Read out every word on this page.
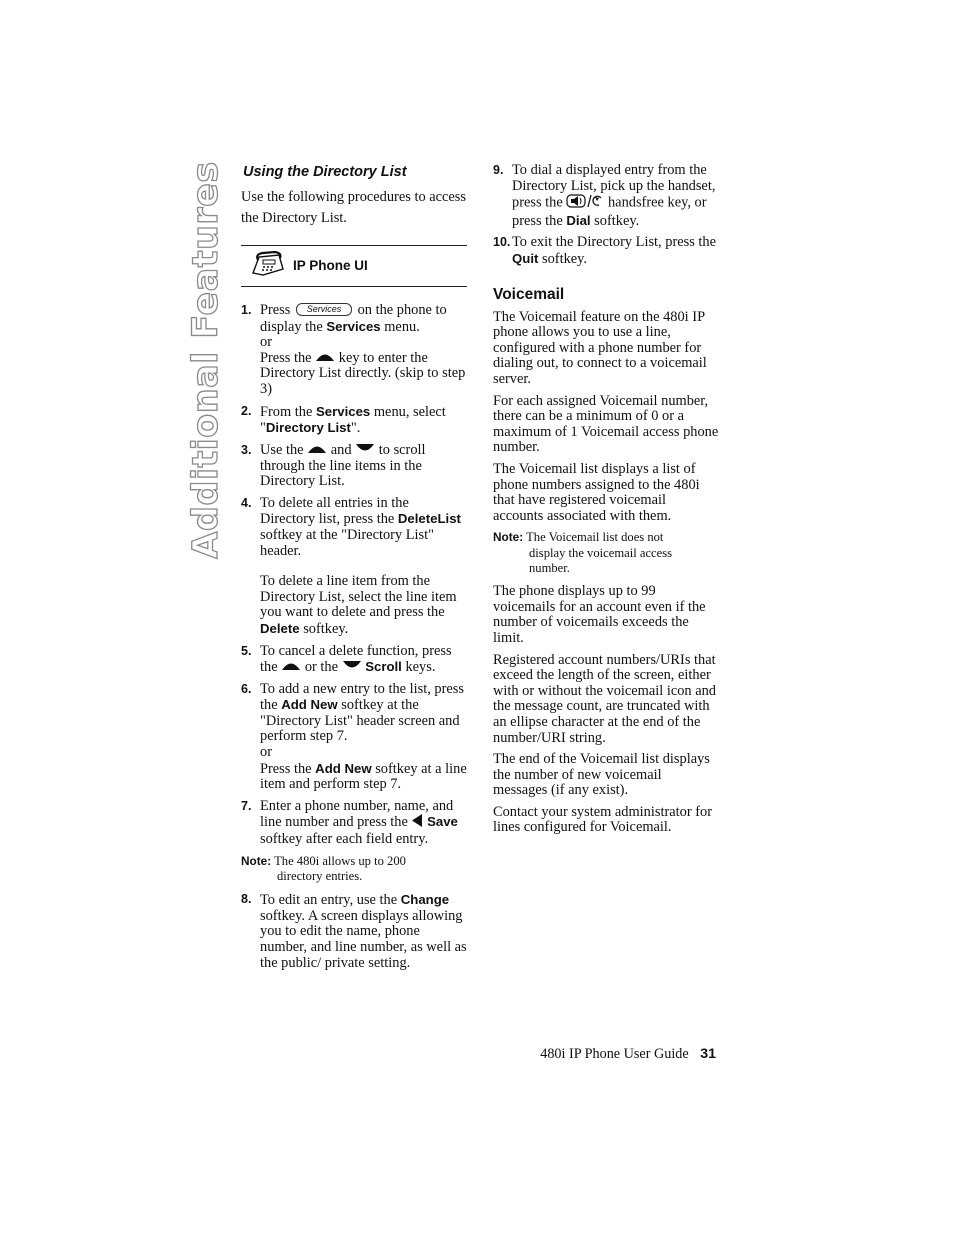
Additional Features Using the Directory List

Use the following procedures to access the Directory List.

IP Phone UI
1. Press Services on the phone to display the Services menu.
or
Press the key to enter the Directory List directly. (skip to step 3)
2. From the Services menu, select "Directory List".
3. Use the and to scroll through the line items in the Directory List.
4. To delete all entries in the Directory list, press the DeleteList softkey at the "Directory List" header.
To delete a line item from the Directory List, select the line item you want to delete and press the Delete softkey.
5. To cancel a delete function, press the or the Scroll keys.
6. To add a new entry to the list, press the Add New softkey at the "Directory List" header screen and perform step 7.
or
Press the Add New softkey at a line item and perform step 7.
7. Enter a phone number, name, and line number and press the Save softkey after each field entry.
Note: The 480i allows up to 200
directory entries.
8. To edit an entry, use the Change softkey. A screen displays allowing you to edit the name, phone number, and line number, as well as the public/ private setting.
9. To dial a displayed entry from the Directory List, pick up the handset, press the	handsfree key, or press the Dial softkey.
10. To exit the Directory List, press the Quit softkey.
Voicemail

The Voicemail feature on the 480i IP phone allows you to use a line, configured with a phone number for dialing out, to connect to a voicemail server.

For each assigned Voicemail number, there can be a minimum of 0 or a maximum of 1 Voicemail access phone number.

The Voicemail list displays a list of phone numbers assigned to the 480i that have registered voicemail accounts associated with them.

Note: The Voicemail list does not
display the voicemail access
number.

The phone displays up to 99 voicemails for an account even if the number of voicemails exceeds the limit.

Registered account numbers/URIs that exceed the length of the screen, either with or without the voicemail icon and the message count, are truncated with an ellipse character at the end of the number/URI string.

The end of the Voicemail list displays the number of new voicemail messages (if any exist).

Contact your system administrator for lines configured for Voicemail.

480i IP Phone User Guide 31
